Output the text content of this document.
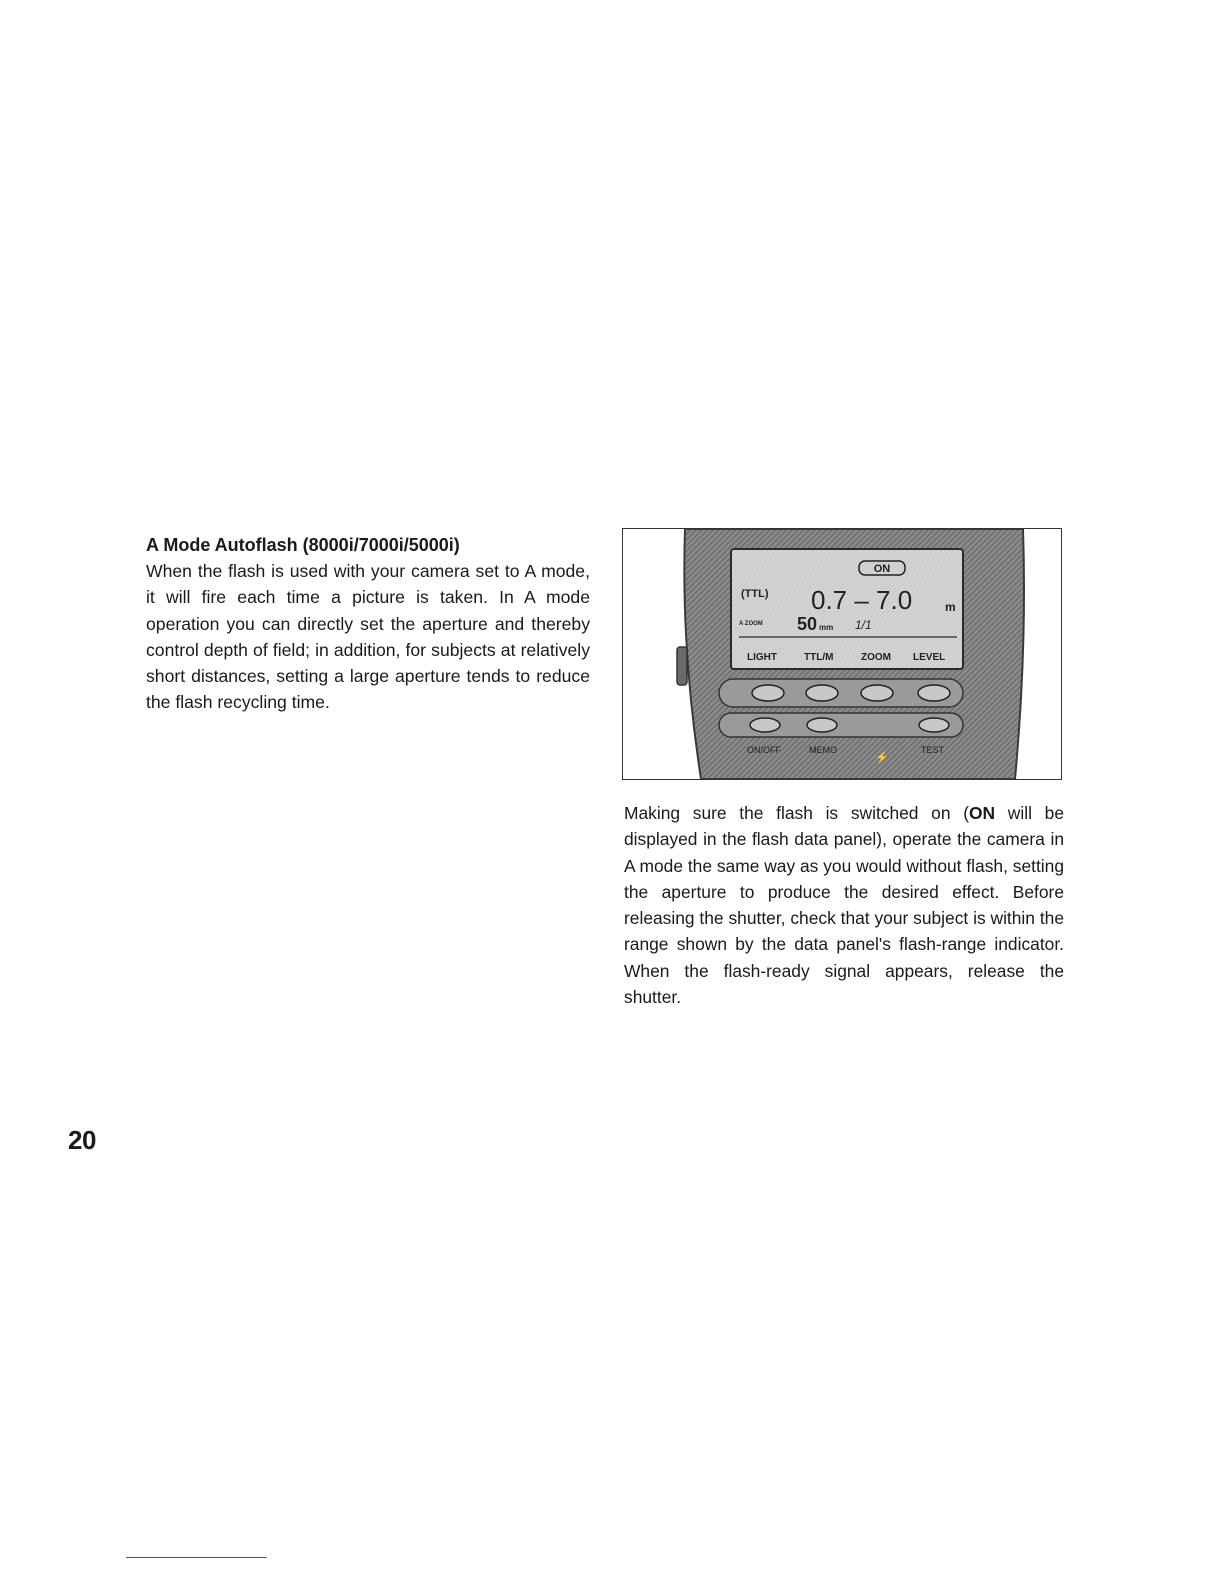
A Mode Autoflash (8000i/7000i/5000i)

When the flash is used with your camera set to A mode, it will fire each time a picture is taken. In A mode operation you can directly set the aperture and thereby control depth of field; in addition, for subjects at relatively short distances, setting a large aperture tends to reduce the flash recycling time.

ON
(TTL) 0.7 – 7.0	m
A ZOOM 50 mm 1/1
LIGHT	TTL/M	ZOOM LEVEL
ON/OFF	MEMO
⚡
TEST

Making sure the flash is switched on (ON will be displayed in the flash data panel), operate the camera in A mode the same way as you would without flash, setting the aperture to produce the desired effect. Before releasing the shutter, check that your subject is within the range shown by the data panel's flash-range indicator. When the flash-ready signal appears, release the shutter.

20
